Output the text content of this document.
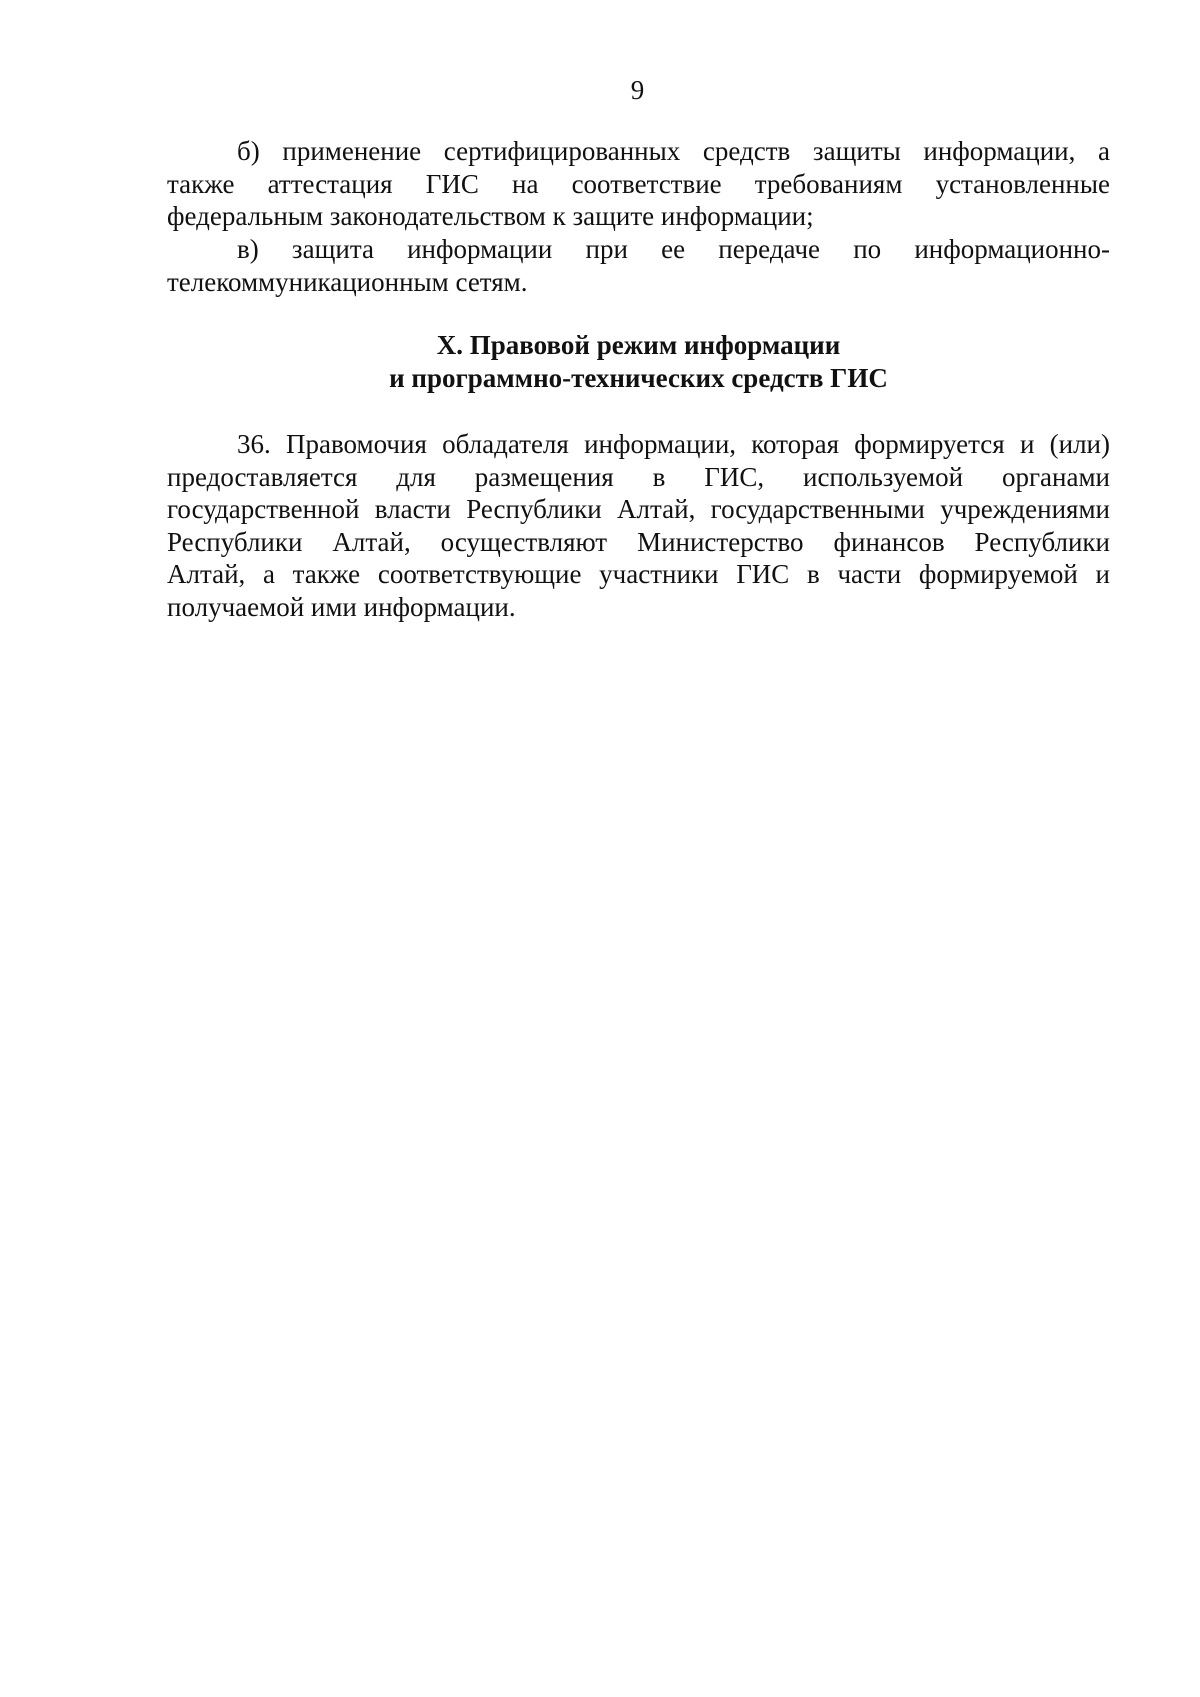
9

б) применение сертифицированных средств защиты информации, а
также аттестация ГИС на соответствие требованиям установленные
федеральным законодательством к защите информации;

в) защита информации при ее передаче по информационно-
телекоммуникационным сетям.

X. Правовой режим информации
и программно-технических средств ГИС

36. Правомочия обладателя информации, которая формируется и (или)
предоставляется для размещения в ГИС, используемой органами
государственной власти Республики Алтай, государственными учреждениями
Республики Алтай, осуществляют Министерство финансов Республики
Алтай, а также соответствующие участники ГИС в части формируемой и
получаемой ими информации.
